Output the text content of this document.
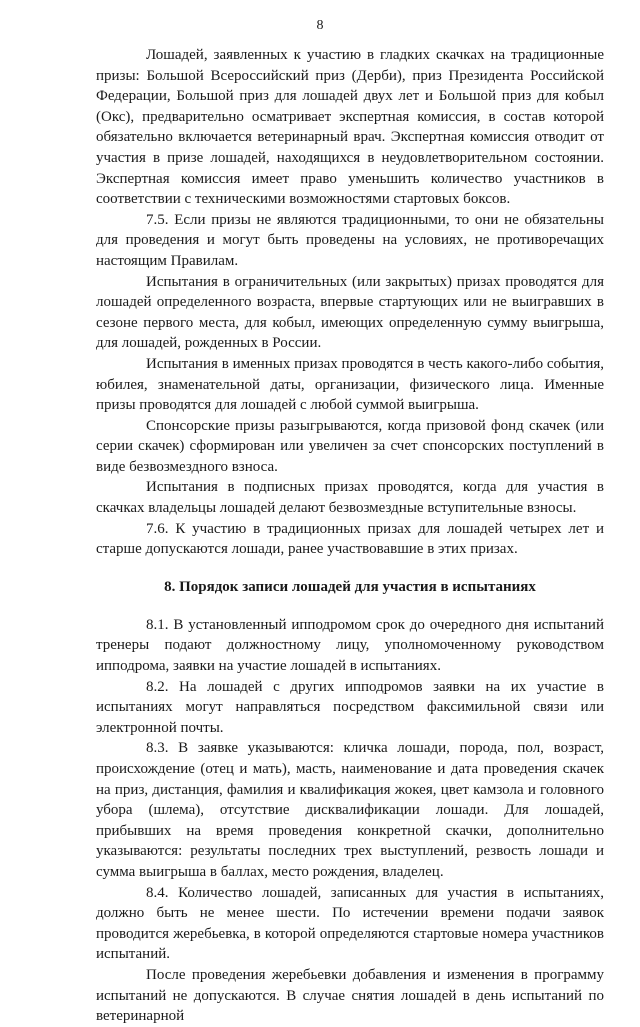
8

Лошадей, заявленных к участию в гладких скачках на традиционные призы: Большой Всероссийский приз (Дерби), приз Президента Российской Федерации, Большой приз для лошадей двух лет и Большой приз для кобыл (Окс), предварительно осматривает экспертная комиссия, в состав которой обязательно включается ветеринарный врач. Экспертная комиссия отводит от участия в призе лошадей, находящихся в неудовлетворительном состоянии. Экспертная комиссия имеет право уменьшить количество участников в соответствии с техническими возможностями стартовых боксов.

7.5. Если призы не являются традиционными, то они не обязательны для проведения и могут быть проведены на условиях, не противоречащих настоящим Правилам.

Испытания в ограничительных (или закрытых) призах проводятся для лошадей определенного возраста, впервые стартующих или не выигравших в сезоне первого места, для кобыл, имеющих определенную сумму выигрыша, для лошадей, рожденных в России.

Испытания в именных призах проводятся в честь какого-либо события, юбилея, знаменательной даты, организации, физического лица. Именные призы проводятся для лошадей с любой суммой выигрыша.

Спонсорские призы разыгрываются, когда призовой фонд скачек (или серии скачек) сформирован или увеличен за счет спонсорских поступлений в виде безвозмездного взноса.

Испытания в подписных призах проводятся, когда для участия в скачках владельцы лошадей делают безвозмездные вступительные взносы.

7.6. К участию в традиционных призах для лошадей четырех лет и старше допускаются лошади, ранее участвовавшие в этих призах.

8. Порядок записи лошадей для участия в испытаниях

8.1. В установленный ипподромом срок до очередного дня испытаний тренеры подают должностному лицу, уполномоченному руководством ипподрома, заявки на участие лошадей в испытаниях.

8.2. На лошадей с других ипподромов заявки на их участие в испытаниях могут направляться посредством факсимильной связи или электронной почты.

8.3. В заявке указываются: кличка лошади, порода, пол, возраст, происхождение (отец и мать), масть, наименование и дата проведения скачек на приз, дистанция, фамилия и квалификация жокея, цвет камзола и головного убора (шлема), отсутствие дисквалификации лошади. Для лошадей, прибывших на время проведения конкретной скачки, дополнительно указываются: результаты последних трех выступлений, резвость лошади и сумма выигрыша в баллах, место рождения, владелец.

8.4. Количество лошадей, записанных для участия в испытаниях, должно быть не менее шести. По истечении времени подачи заявок проводится жеребьевка, в которой определяются стартовые номера участников испытаний.

После проведения жеребьевки добавления и изменения в программу испытаний не допускаются. В случае снятия лошадей в день испытаний по ветеринарной
